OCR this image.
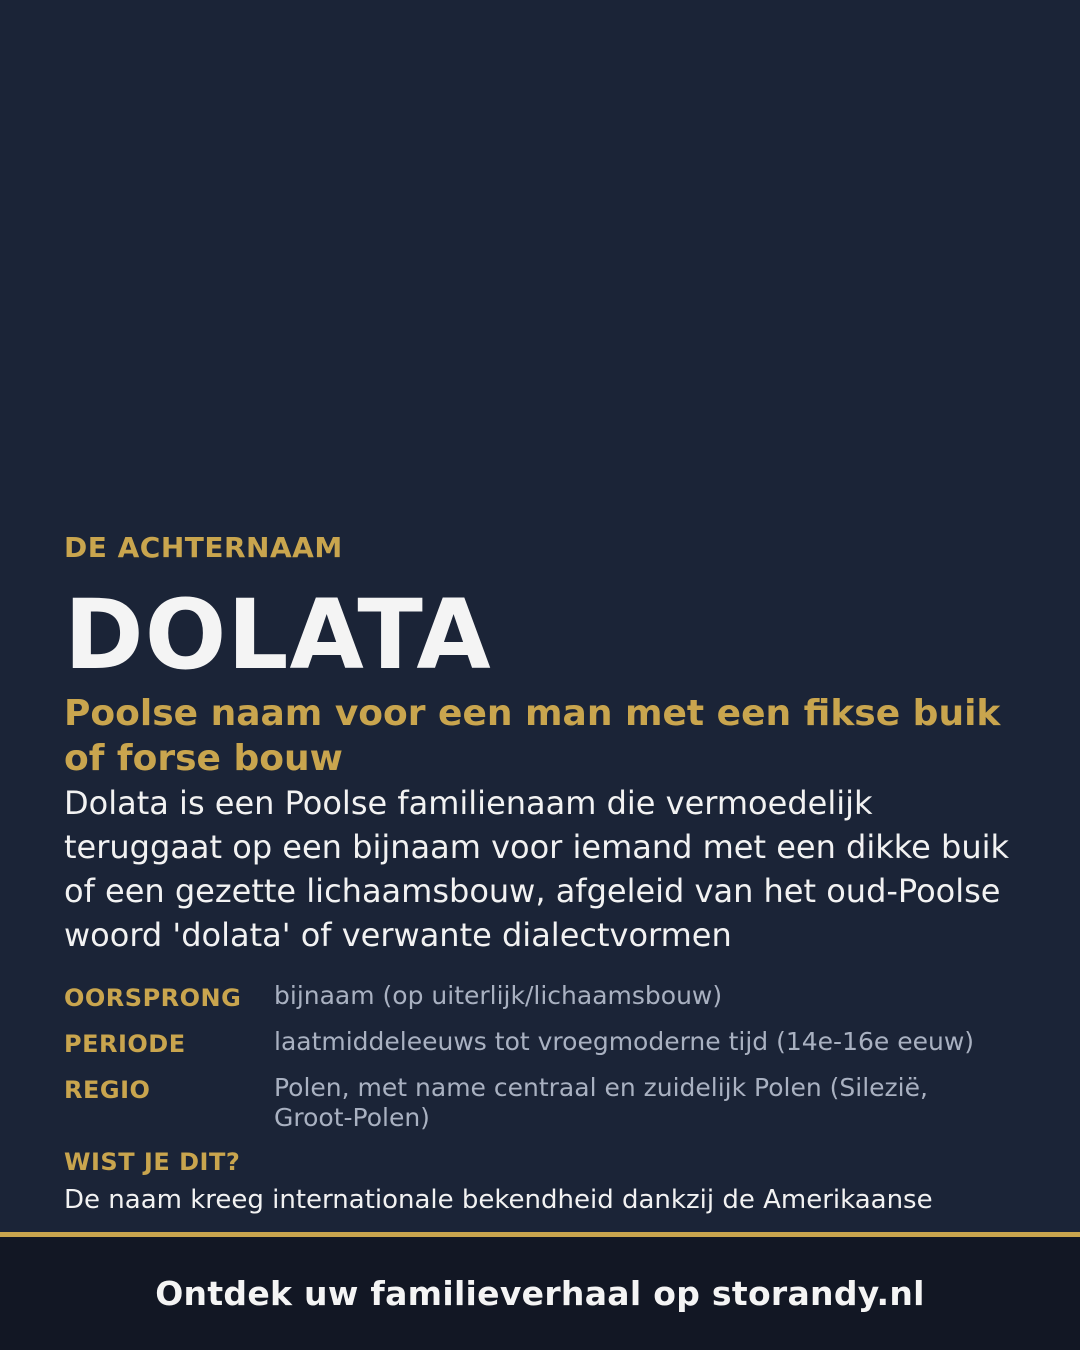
DE ACHTERNAAM
DOLATA
Poolse naam voor een man met een fikse buik of forse bouw
Dolata is een Poolse familienaam die vermoedelijk teruggaat op een bijnaam voor iemand met een dikke buik of een gezette lichaamsbouw, afgeleid van het oud-Poolse woord 'dolata' of verwante dialectvormen
OORSPRONG	bijnaam (op uiterlijk/lichaamsbouw)
PERIODE	laatmiddeleeuws tot vroegmoderne tijd (14e-16e eeuw)
REGIO	Polen, met name centraal en zuidelijk Polen (Silezië, Groot-Polen)
WIST JE DIT?
De naam kreeg internationale bekendheid dankzij de Amerikaanse
Ontdek uw familieverhaal op storandy.nl
